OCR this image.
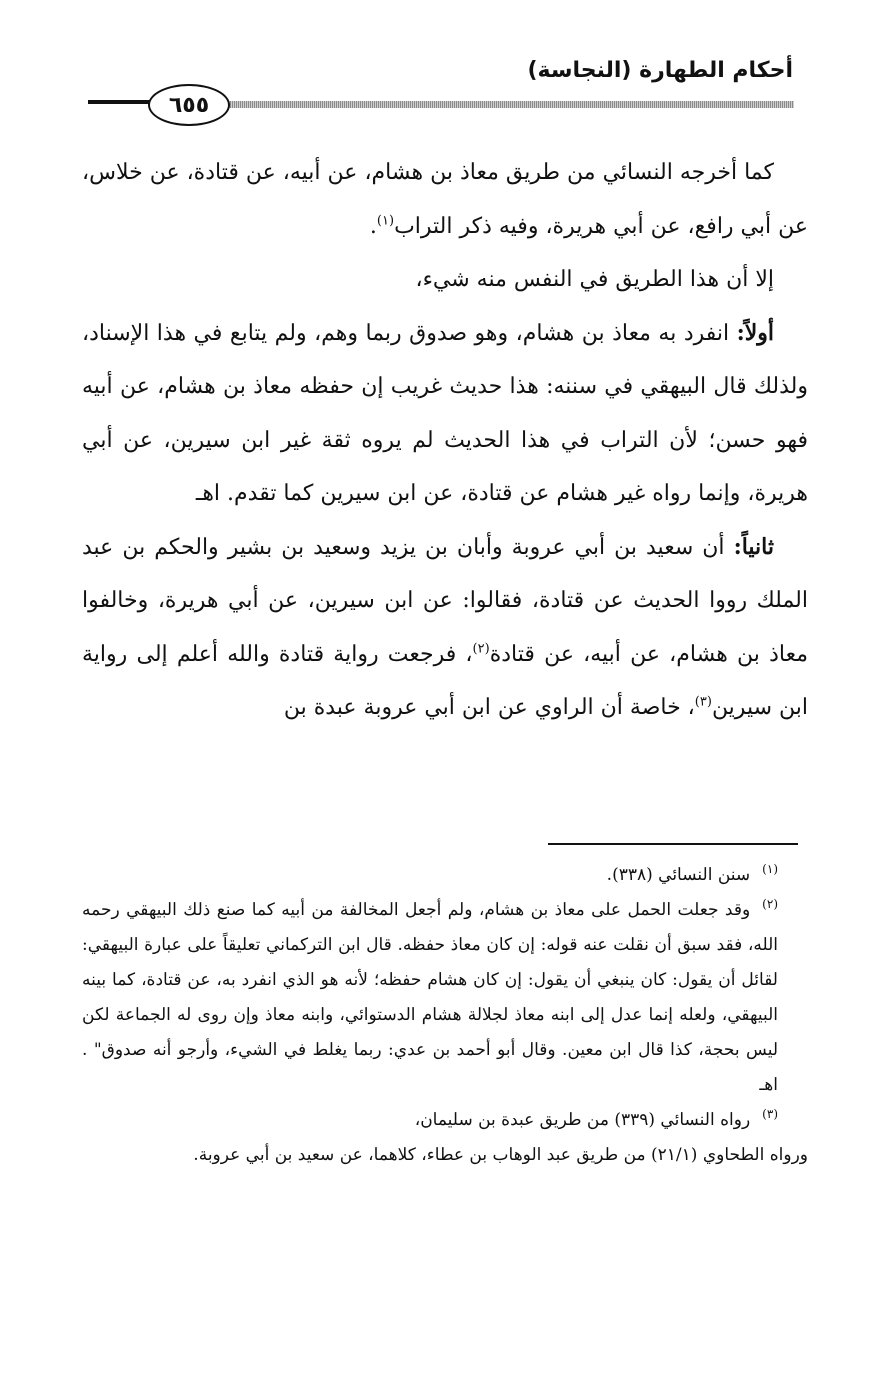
أحكام الطهارة (النجاسة)
٦٥٥

كما أخرجه النسائي من طريق معاذ بن هشام، عن أبيه، عن قتادة، عن خلاس، عن أبي رافع، عن أبي هريرة، وفيه ذكر التراب$^{(١)}$.

إلا أن هذا الطريق في النفس منه شيء،

أولاً: انفرد به معاذ بن هشام، وهو صدوق ربما وهم، ولم يتابع في هذا الإسناد، ولذلك قال البيهقي في سننه: هذا حديث غريب إن حفظه معاذ بن هشام، عن أبيه فهو حسن؛ لأن التراب في هذا الحديث لم يروه ثقة غير ابن سيرين، عن أبي هريرة، وإنما رواه غير هشام عن قتادة، عن ابن سيرين كما تقدم. اهـ

ثانياً: أن سعيد بن أبي عروبة وأبان بن يزيد وسعيد بن بشير والحكم بن عبد الملك رووا الحديث عن قتادة، فقالوا: عن ابن سيرين، عن أبي هريرة، وخالفوا معاذ بن هشام، عن أبيه، عن قتادة$^{(٢)}$، فرجعت رواية قتادة والله أعلم إلى رواية ابن سيرين$^{(٣)}$، خاصة أن الراوي عن ابن أبي عروبة عبدة بن

$^{(١)}$سنن النسائي (٣٣٨).

$^{(٢)}$وقد جعلت الحمل على معاذ بن هشام، ولم أجعل المخالفة من أبيه كما صنع ذلك البيهقي رحمه الله، فقد سبق أن نقلت عنه قوله: إن كان معاذ حفظه. قال ابن التركماني تعليقاً على عبارة البيهقي: لقائل أن يقول: كان ينبغي أن يقول: إن كان هشام حفظه؛ لأنه هو الذي انفرد به، عن قتادة، كما بينه البيهقي، ولعله إنما عدل إلى ابنه معاذ لجلالة هشام الدستوائي، وابنه معاذ وإن روى له الجماعة لكن ليس بحجة، كذا قال ابن معين. وقال أبو أحمد بن عدي: ربما يغلط في الشيء، وأرجو أنه صدوق" . اهـ

$^{(٣)}$رواه النسائي (٣٣٩) من طريق عبدة بن سليمان،

ورواه الطحاوي (٢١/١) من طريق عبد الوهاب بن عطاء، كلاهما، عن سعيد بن أبي عروبة.
